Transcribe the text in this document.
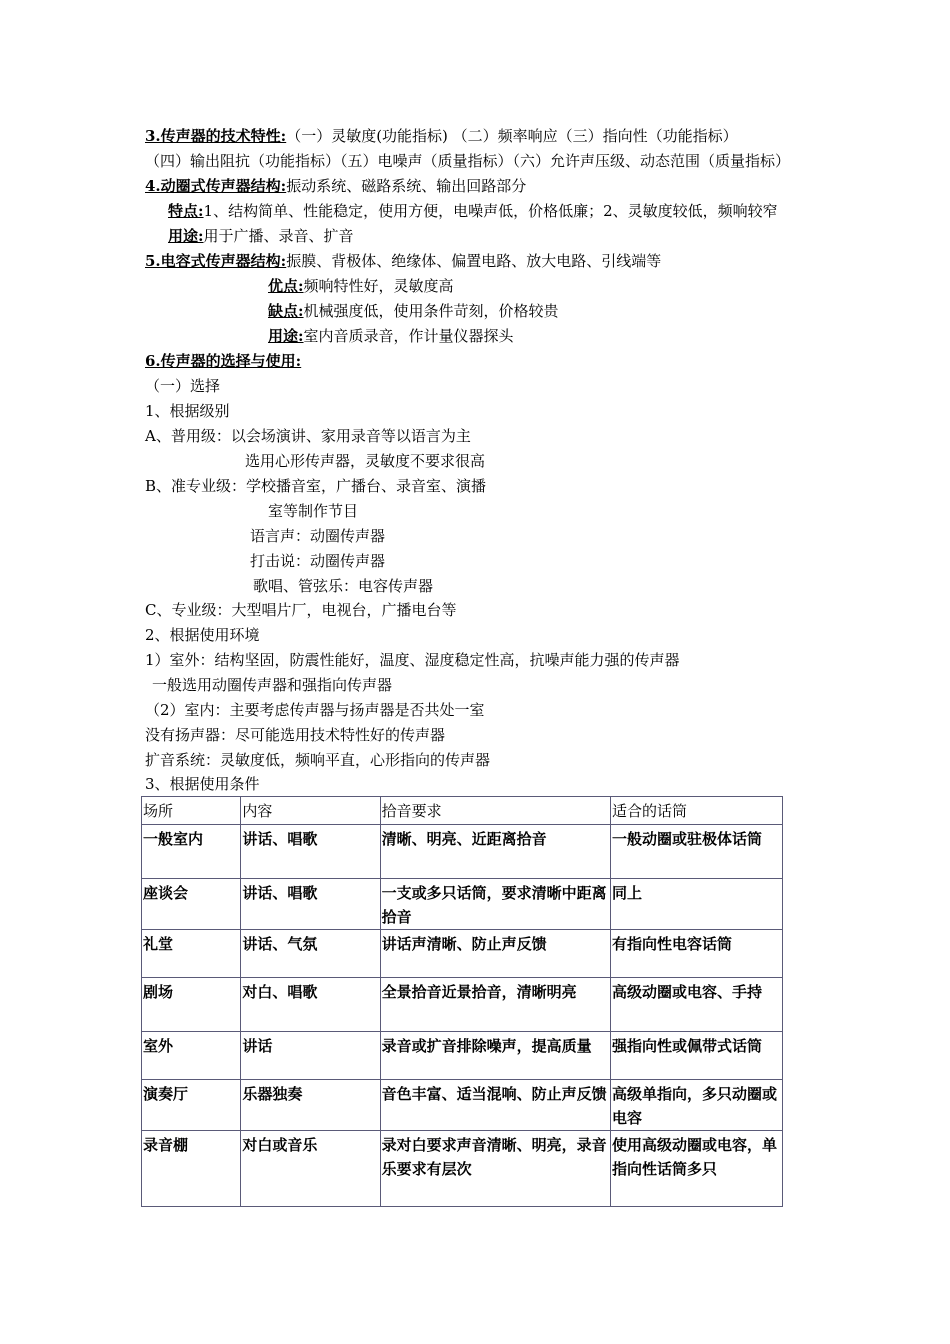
3.传声器的技术特性:（一）灵敏度(功能指标) （二）频率响应（三）指向性（功能指标）
（四）输出阻抗（功能指标）（五）电噪声（质量指标）（六）允许声压级、动态范围（质量指标）
4.动圈式传声器结构:振动系统、磁路系统、输出回路部分
特点:1、结构简单、性能稳定，使用方便，电噪声低，价格低廉；2、灵敏度较低，频响较窄
用途:用于广播、录音、扩音
5.电容式传声器结构:振膜、背极体、绝缘体、偏置电路、放大电路、引线端等
优点:频响特性好，灵敏度高
缺点:机械强度低，使用条件苛刻，价格较贵
用途:室内音质录音，作计量仪器探头
6.传声器的选择与使用:
（一）选择
1、根据级别
A、普用级：以会场演讲、家用录音等以语言为主
选用心形传声器，灵敏度不要求很高
B、准专业级：学校播音室，广播台、录音室、演播
室等制作节目
语言声：动圈传声器
打击说：动圈传声器
歌唱、管弦乐：电容传声器
C、专业级：大型唱片厂，电视台，广播电台等
2、根据使用环境
1）室外：结构坚固，防震性能好，温度、湿度稳定性高，抗噪声能力强的传声器
一般选用动圈传声器和强指向传声器
（2）室内：主要考虑传声器与扬声器是否共处一室
没有扬声器：尽可能选用技术特性好的传声器
扩音系统：灵敏度低，频响平直，心形指向的传声器
3、根据使用条件
场所	内容	拾音要求	适合的话筒
一般室内	讲话、唱歌	清晰、明亮、近距离拾音	一般动圈或驻极体话筒
座谈会	讲话、唱歌	一支或多只话筒，要求清晰中距离拾音	同上
礼堂	讲话、气氛	讲话声清晰、防止声反馈	有指向性电容话筒
剧场	对白、唱歌	全景拾音近景拾音，清晰明亮	高级动圈或电容、手持
室外	讲话	录音或扩音排除噪声，提高质量	强指向性或佩带式话筒
演奏厅	乐器独奏	音色丰富、适当混响、防止声反馈	高级单指向，多只动圈或电容
录音棚	对白或音乐	录对白要求声音清晰、明亮，录音乐要求有层次	使用高级动圈或电容，单指向性话筒多只
